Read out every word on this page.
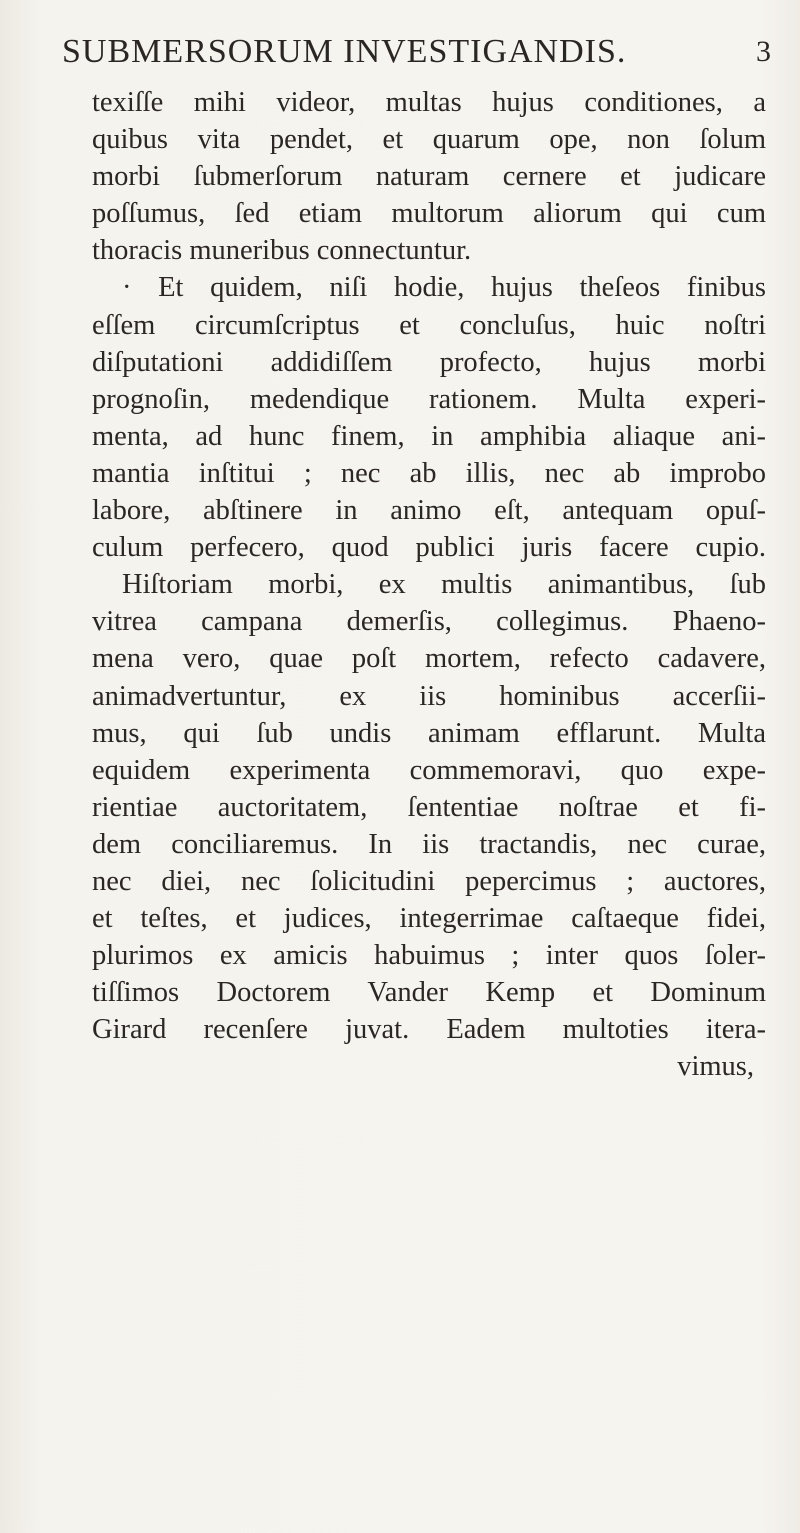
SUBMERSORUM INVESTIGANDIS.	3
texiſſe mihi videor, multas hujus conditiones, a
quibus vita pendet, et quarum ope, non ſolum
morbi ſubmerſorum naturam cernere et judicare
poſſumus, ſed etiam multorum aliorum qui cum
thoracis muneribus connectuntur.
· Et quidem, niſi hodie, hujus theſeos finibus
eſſem circumſcriptus et concluſus, huic noſtri
diſputationi addidiſſem profecto, hujus morbi
prognoſin, medendique rationem. Multa experi-
menta, ad hunc finem, in amphibia aliaque ani-
mantia inſtitui ; nec ab illis, nec ab improbo
labore, abſtinere in animo eſt, antequam opuſ-
culum perfecero, quod publici juris facere cupio.
Hiſtoriam morbi, ex multis animantibus, ſub
vitrea campana demerſis, collegimus. Phaeno-
mena vero, quae poſt mortem, refecto cadavere,
animadvertuntur, ex iis hominibus accerſii-
mus, qui ſub undis animam efflarunt. Multa
equidem experimenta commemoravi, quo expe-
rientiae auctoritatem, ſententiae noſtrae et fi-
dem conciliaremus. In iis tractandis, nec curae,
nec diei, nec ſolicitudini pepercimus ; auctores,
et teſtes, et judices, integerrimae caſtaeque fidei,
plurimos ex amicis habuimus ; inter quos ſoler-
tiſſimos Doctorem Vander Kemp et Dominum
Girard recenſere juvat. Eadem multoties itera-
vimus,
